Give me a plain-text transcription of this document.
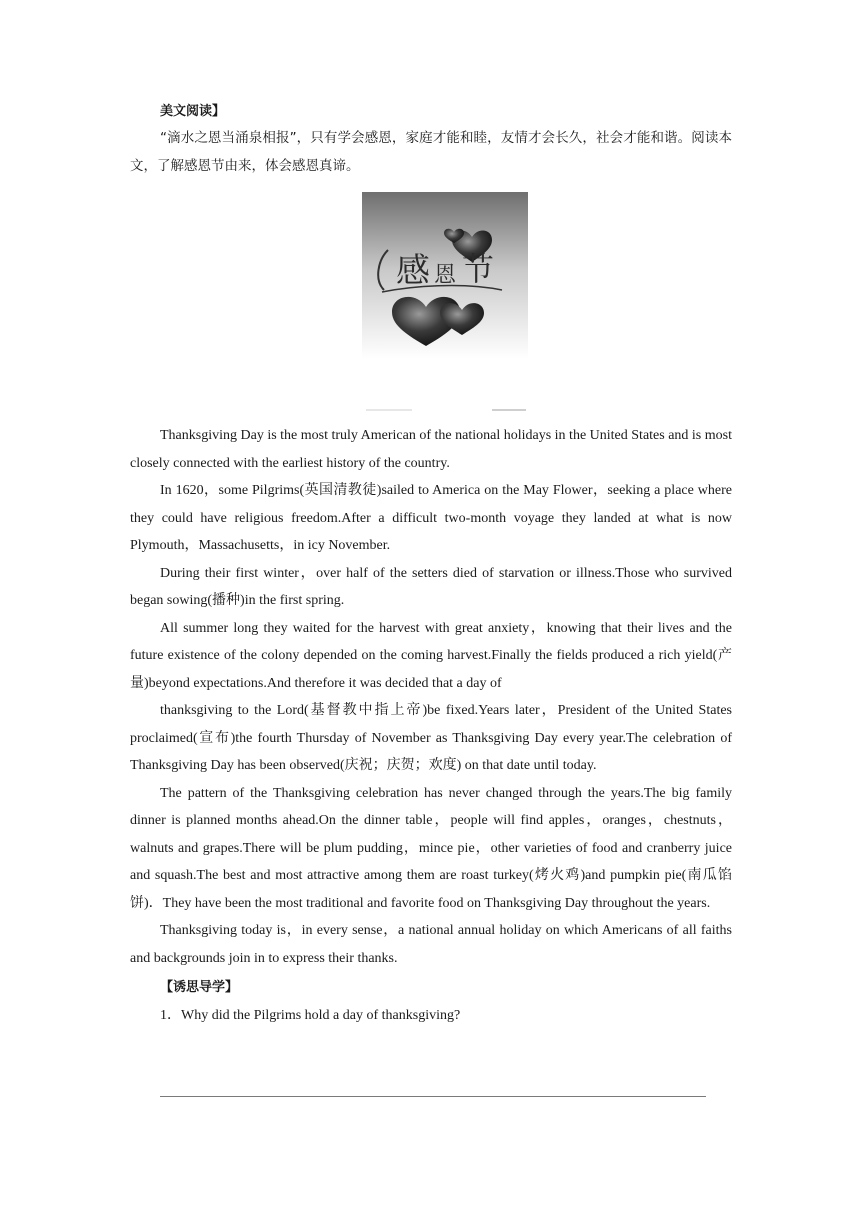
美文阅读】

“滴水之恩当涌泉相报”，只有学会感恩，家庭才能和睦，友情才会长久，社会才能和谐。阅读本文，了解感恩节由来，体会感恩真谛。

感 恩 节

Thanksgiving Day is the most truly American of the national holidays in the United States and is most closely connected with the earliest history of the country.

In 1620，some Pilgrims(英国清教徒)sailed to America on the May Flower，seeking a place where they could have religious freedom.After a difficult two-month voyage they landed at what is now Plymouth，Massachusetts，in icy November.

During their first winter，over half of the setters died of starvation or illness.Those who survived began sowing(播种)in the first spring.

All summer long they waited for the harvest with great anxiety，knowing that their lives and the future existence of the colony depended on the coming harvest.Finally the fields produced a rich yield(产量)beyond expectations.And therefore it was decided that a day of

thanksgiving to the Lord(基督教中指上帝)be fixed.Years later，President of the United States proclaimed(宣布)the fourth Thursday of November as Thanksgiving Day every year.The celebration of Thanksgiving Day has been observed(庆祝；庆贺；欢度) on that date until today.

The pattern of the Thanksgiving celebration has never changed through the years.The big family dinner is planned months ahead.On the dinner table，people will find apples，oranges，chestnuts，walnuts and grapes.There will be plum pudding，mince pie，other varieties of food and cranberry juice and squash.The best and most attractive among them are roast turkey(烤火鸡)and pumpkin pie(南瓜馅饼)．They have been the most traditional and favorite food on Thanksgiving Day throughout the years.

Thanksgiving today is，in every sense，a national annual holiday on which Americans of all faiths and backgrounds join in to express their thanks.

【诱思导学】
1．Why did the Pilgrims hold a day of thanksgiving?
